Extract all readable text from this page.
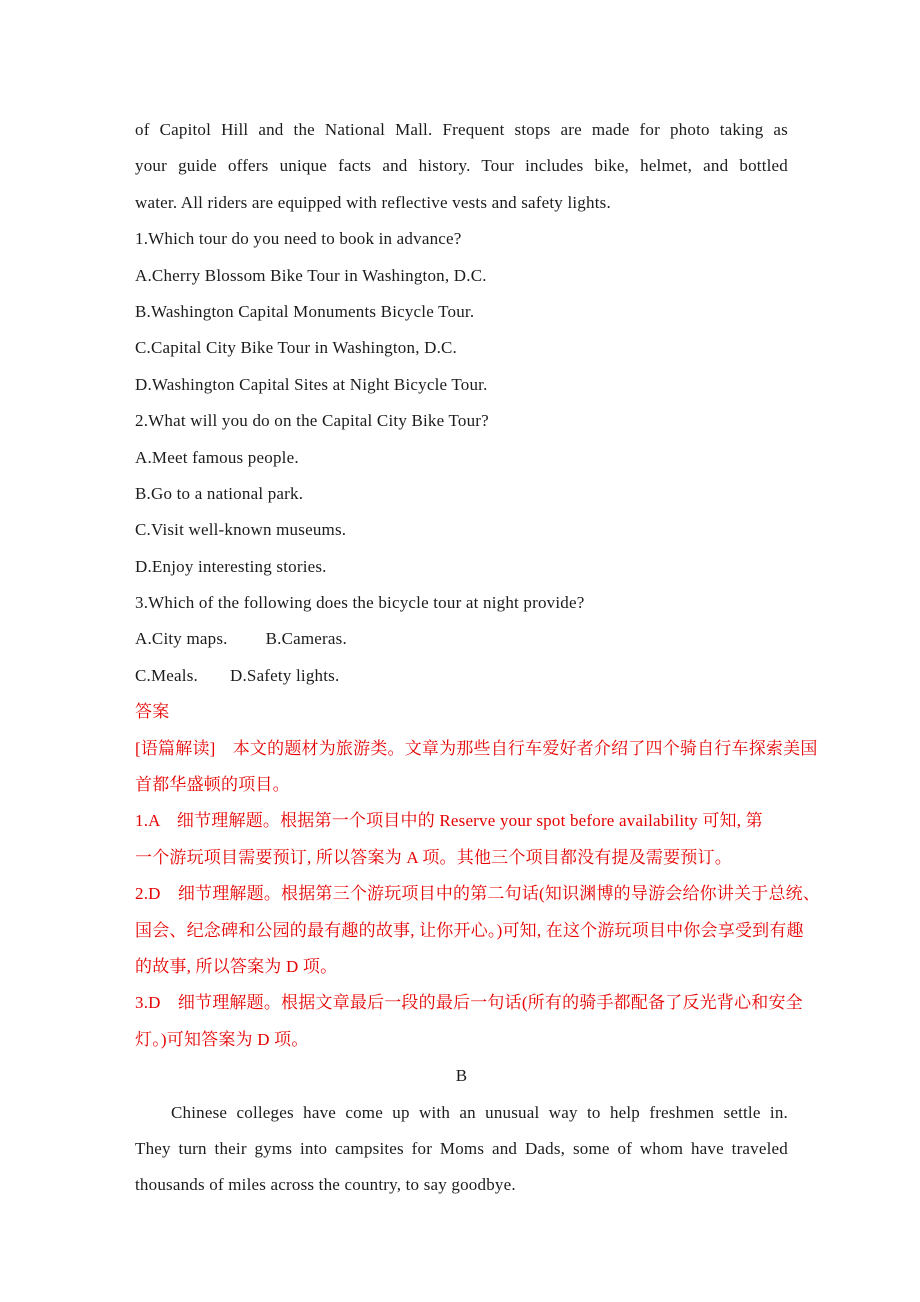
of Capitol Hill and the National Mall. Frequent stops are made for photo taking as
your guide offers unique facts and history. Tour includes bike, helmet, and bottled
water. All riders are equipped with reflective vests and safety lights.
1.Which tour do you need to book in advance?
A.Cherry Blossom Bike Tour in Washington, D.C.
B.Washington Capital Monuments Bicycle Tour.
C.Capital City Bike Tour in Washington, D.C.
D.Washington Capital Sites at Night Bicycle Tour.
2.What will you do on the Capital City Bike Tour?
A.Meet famous people.
B.Go to a national park.
C.Visit well-known museums.
D.Enjoy interesting stories.
3.Which of the following does the bicycle tour at night provide?
A.City maps. B.Cameras.
C.Meals. D.Safety lights.
答案
[语篇解读]　本文的题材为旅游类。文章为那些自行车爱好者介绍了四个骑自行车探索美国
首都华盛顿的项目。
1.A　细节理解题。根据第一个项目中的 Reserve your spot before availability 可知, 第
一个游玩项目需要预订, 所以答案为 A 项。其他三个项目都没有提及需要预订。
2.D　细节理解题。根据第三个游玩项目中的第二句话(知识渊博的导游会给你讲关于总统、
国会、纪念碑和公园的最有趣的故事, 让你开心。)可知, 在这个游玩项目中你会享受到有趣
的故事, 所以答案为 D 项。
3.D　细节理解题。根据文章最后一段的最后一句话(所有的骑手都配备了反光背心和安全
灯。)可知答案为 D 项。
B
Chinese colleges have come up with an unusual way to help freshmen settle in.
They turn their gyms into campsites for Moms and Dads, some of whom have traveled
thousands of miles across the country, to say goodbye.
